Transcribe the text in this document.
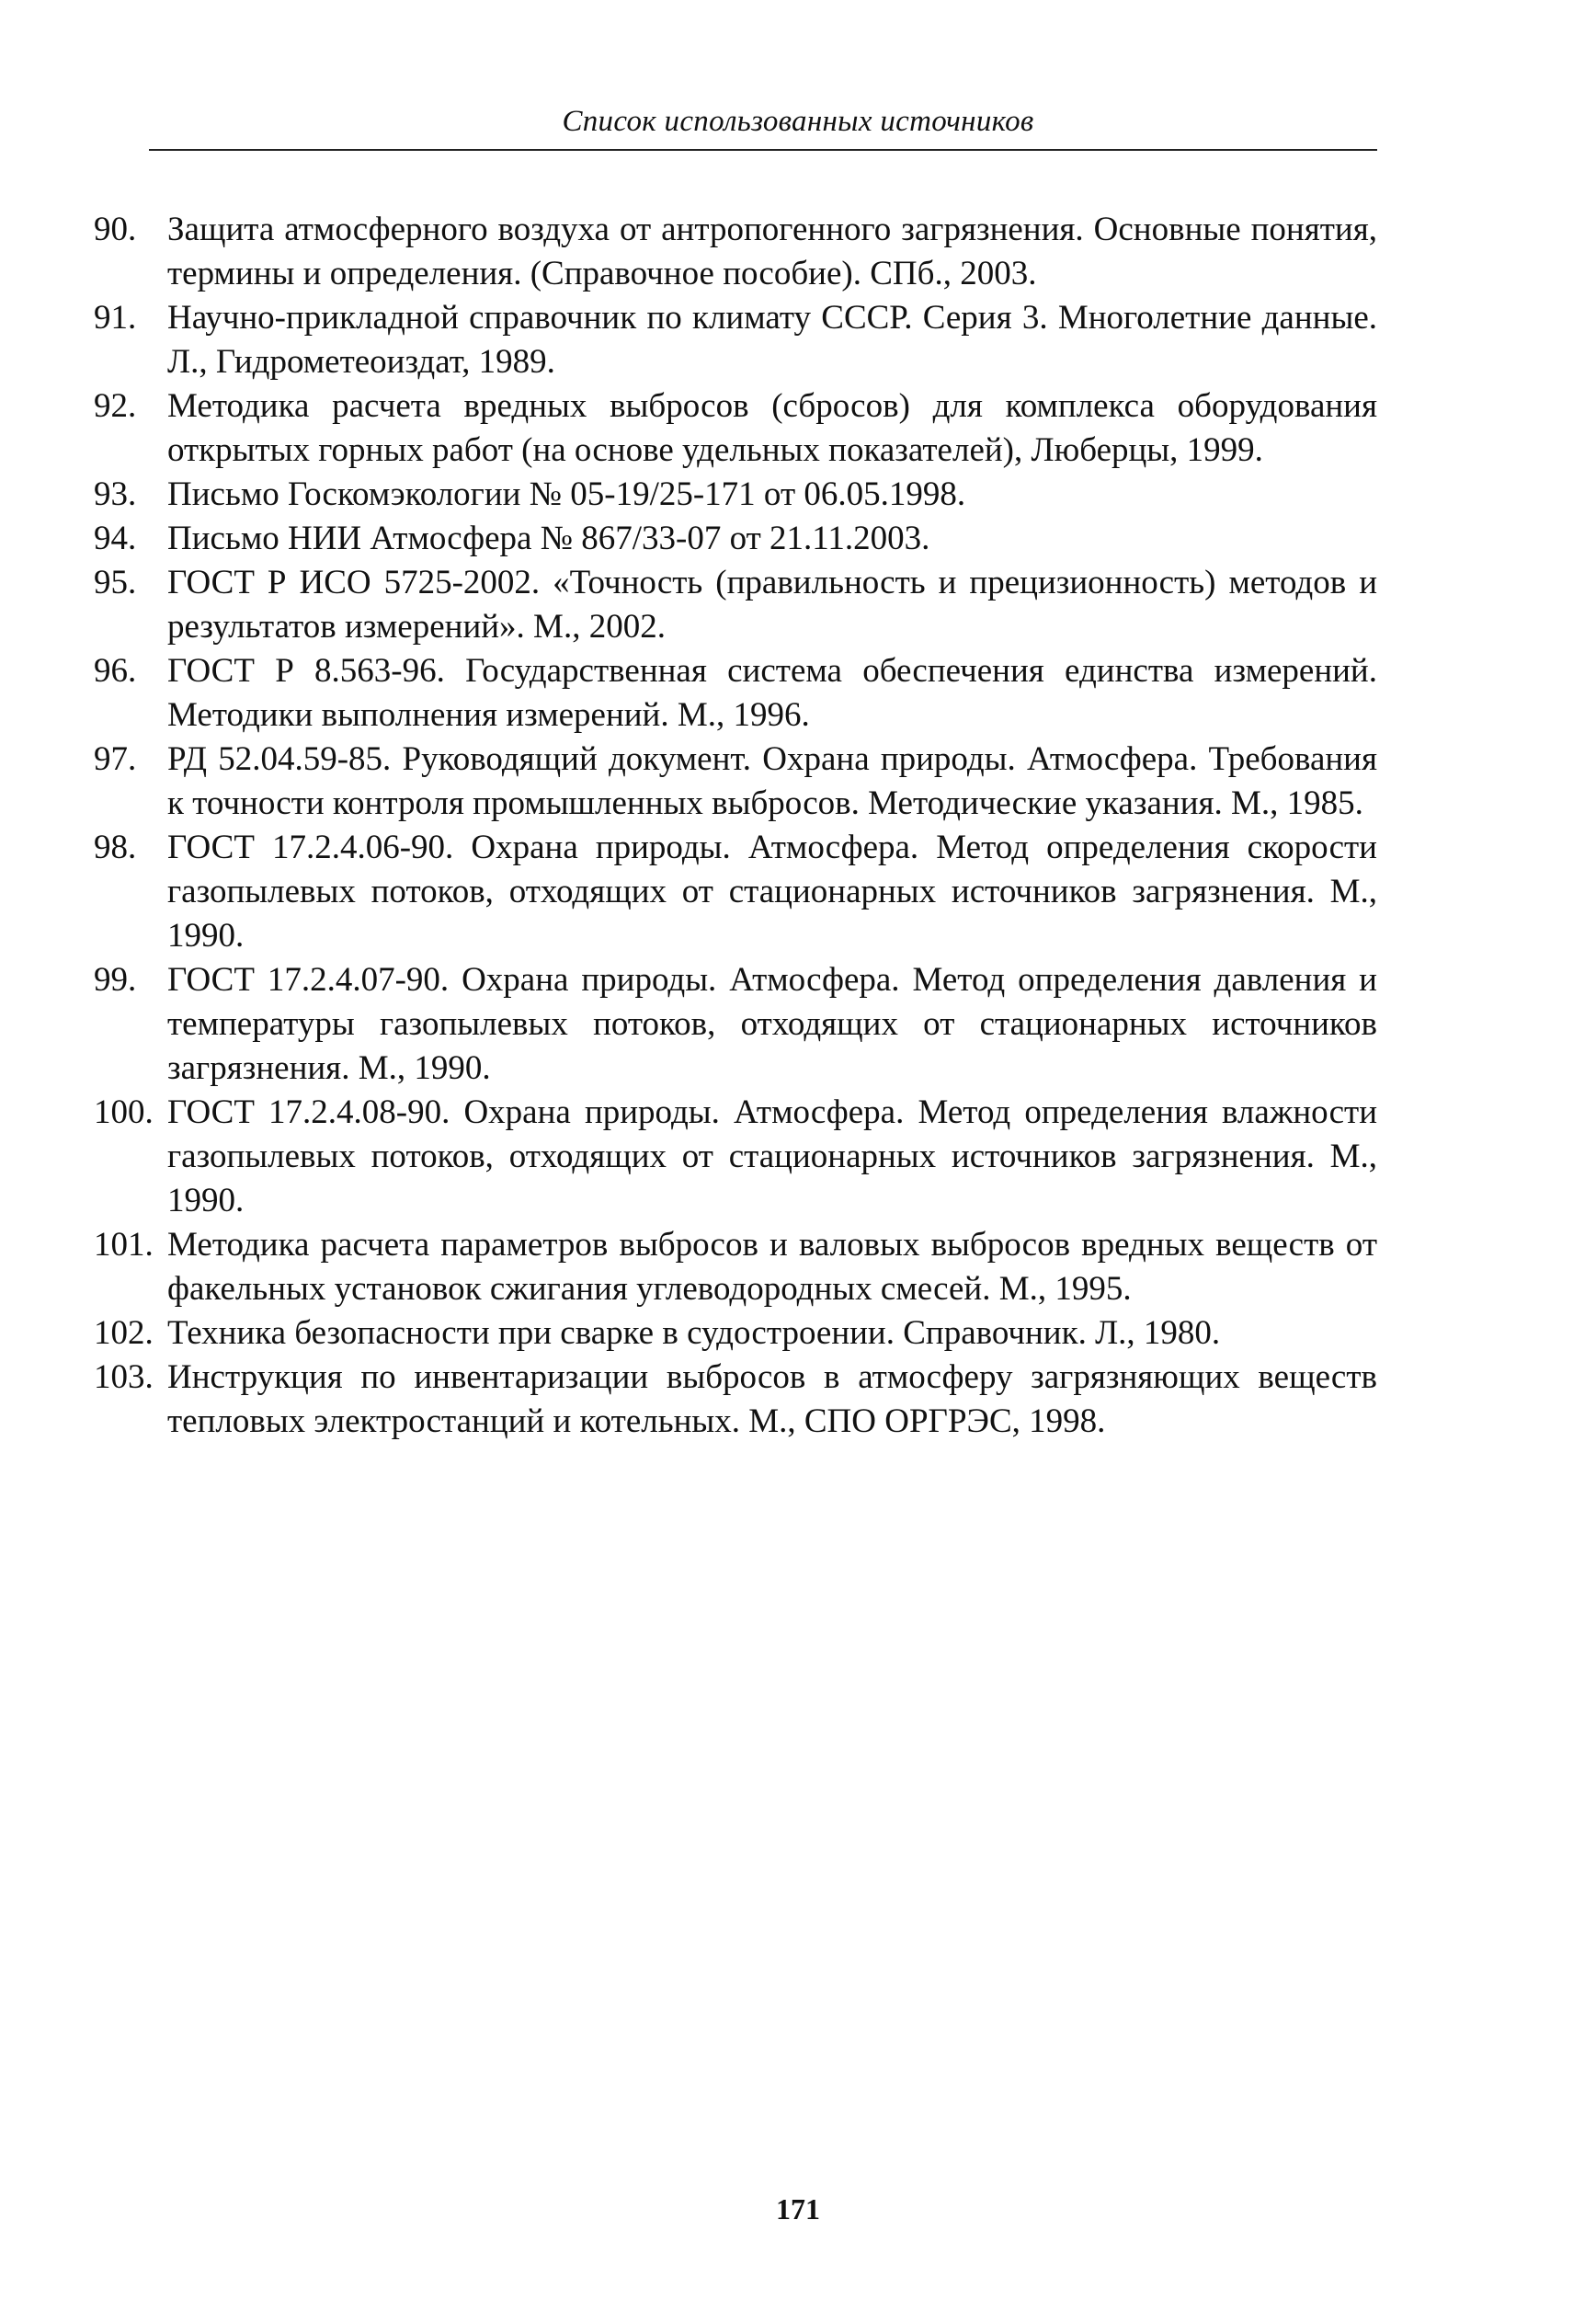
Список использованных источников
90. Защита атмосферного воздуха от антропогенного загрязнения. Основные понятия, термины и определения. (Справочное пособие). СПб., 2003.
91. Научно-прикладной справочник по климату СССР. Серия 3. Многолетние данные. Л., Гидрометеоиздат, 1989.
92. Методика расчета вредных выбросов (сбросов) для комплекса оборудования открытых горных работ (на основе удельных показателей), Люберцы, 1999.
93. Письмо Госкомэкологии № 05-19/25-171 от 06.05.1998.
94. Письмо НИИ Атмосфера № 867/33-07 от 21.11.2003.
95. ГОСТ Р ИСО 5725-2002. «Точность (правильность и прецизионность) методов и результатов измерений». М., 2002.
96. ГОСТ Р 8.563-96. Государственная система обеспечения единства измерений. Методики выполнения измерений. М., 1996.
97. РД 52.04.59-85. Руководящий документ. Охрана природы. Атмосфера. Требования к точности контроля промышленных выбросов. Методические указания. М., 1985.
98. ГОСТ 17.2.4.06-90. Охрана природы. Атмосфера. Метод определения скорости газопылевых потоков, отходящих от стационарных источников загрязнения. М., 1990.
99. ГОСТ 17.2.4.07-90. Охрана природы. Атмосфера. Метод определения давления и температуры газопылевых потоков, отходящих от стационарных источников загрязнения. М., 1990.
100. ГОСТ 17.2.4.08-90. Охрана природы. Атмосфера. Метод определения влажности газопылевых потоков, отходящих от стационарных источников загрязнения. М., 1990.
101. Методика расчета параметров выбросов и валовых выбросов вредных веществ от факельных установок сжигания углеводородных смесей. М., 1995.
102. Техника безопасности при сварке в судостроении. Справочник. Л., 1980.
103. Инструкция по инвентаризации выбросов в атмосферу загрязняющих веществ тепловых электростанций и котельных. М., СПО ОРГРЭС, 1998.
171
